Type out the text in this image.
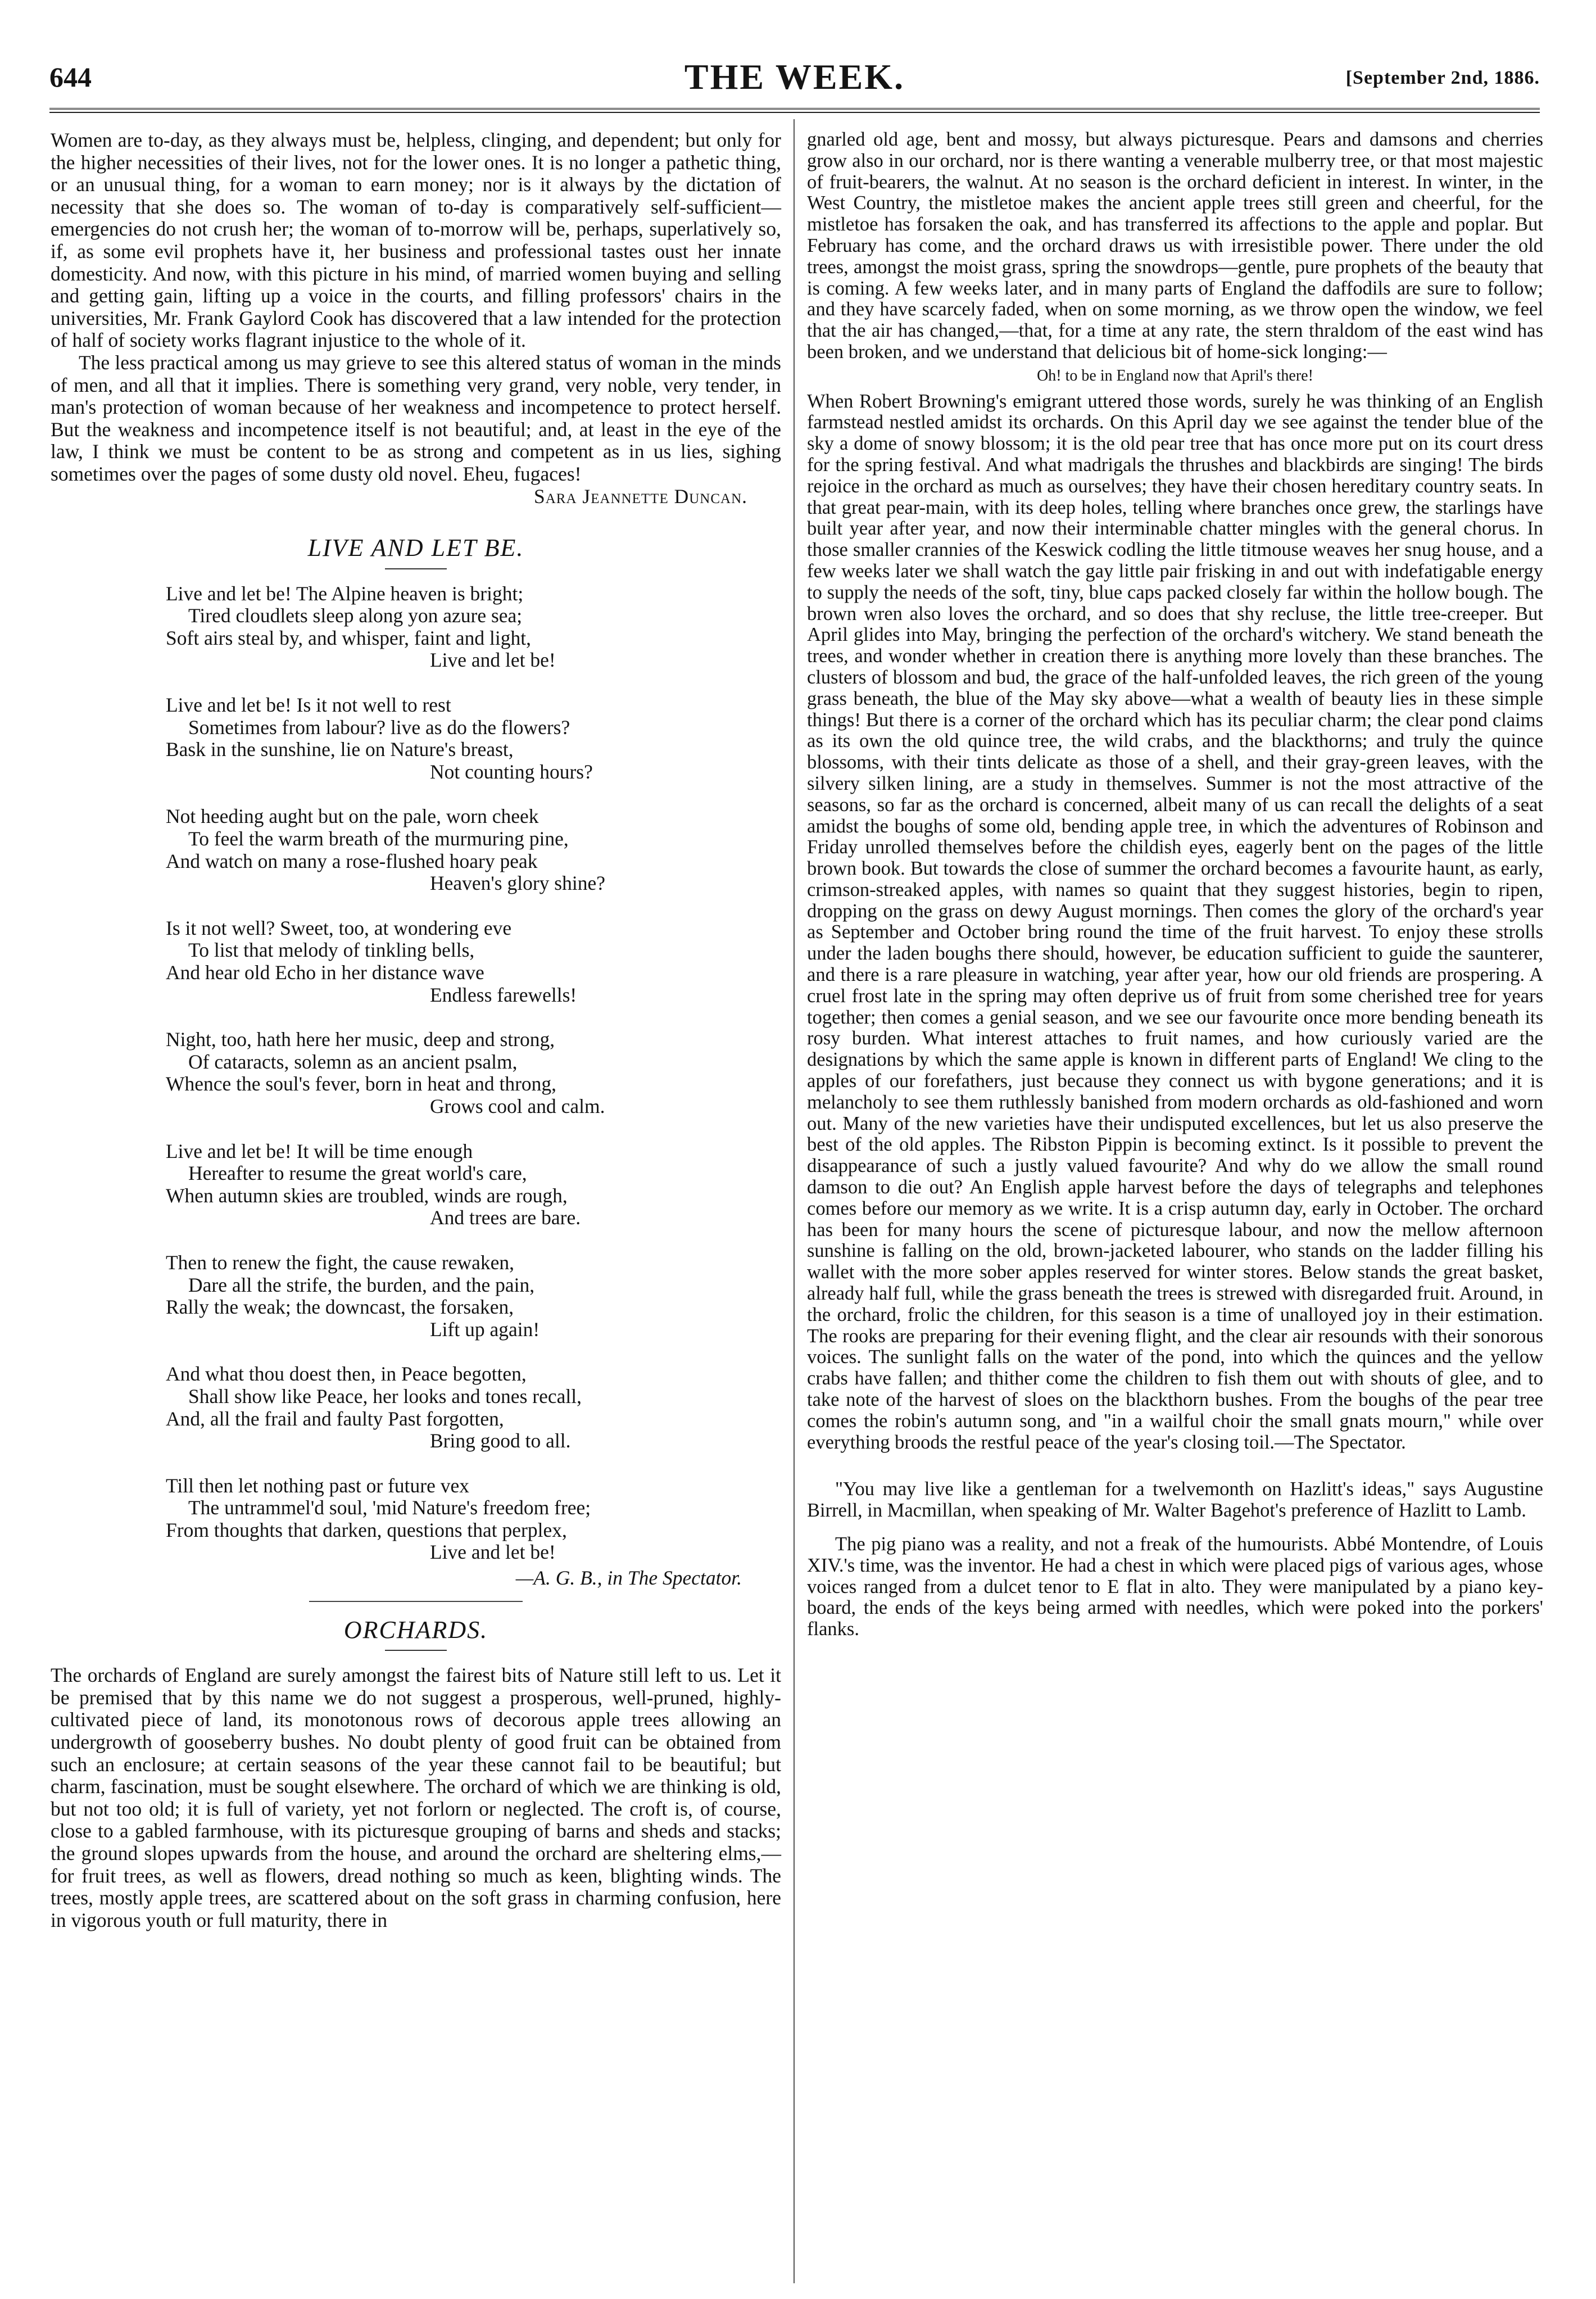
644	THE WEEK.	[September 2nd, 1886.

Women are to-day, as they always must be, helpless, clinging, and dependent; but only for the higher necessities of their lives, not for the lower ones. It is no longer a pathetic thing, or an unusual thing, for a woman to earn money; nor is it always by the dictation of necessity that she does so. The woman of to-day is comparatively self-sufficient—emergencies do not crush her; the woman of to-morrow will be, perhaps, superlatively so, if, as some evil prophets have it, her business and professional tastes oust her innate domesticity. And now, with this picture in his mind, of married women buying and selling and getting gain, lifting up a voice in the courts, and filling professors' chairs in the universities, Mr. Frank Gaylord Cook has discovered that a law intended for the protection of half of society works flagrant injustice to the whole of it.

The less practical among us may grieve to see this altered status of woman in the minds of men, and all that it implies. There is something very grand, very noble, very tender, in man's protection of woman because of her weakness and incompetence to protect herself. But the weakness and incompetence itself is not beautiful; and, at least in the eye of the law, I think we must be content to be as strong and competent as in us lies, sighing sometimes over the pages of some dusty old novel. Eheu, fugaces!

Sara Jeannette Duncan.
LIVE AND LET BE.
Live and let be! The Alpine heaven is bright;
Tired cloudlets sleep along yon azure sea;
Soft airs steal by, and whisper, faint and light,
Live and let be!
Live and let be! Is it not well to rest
Sometimes from labour? live as do the flowers?
Bask in the sunshine, lie on Nature's breast,
Not counting hours?
Not heeding aught but on the pale, worn cheek
To feel the warm breath of the murmuring pine,
And watch on many a rose-flushed hoary peak
Heaven's glory shine?
Is it not well? Sweet, too, at wondering eve
To list that melody of tinkling bells,
And hear old Echo in her distance wave
Endless farewells!
Night, too, hath here her music, deep and strong,
Of cataracts, solemn as an ancient psalm,
Whence the soul's fever, born in heat and throng,
Grows cool and calm.
Live and let be! It will be time enough
Hereafter to resume the great world's care,
When autumn skies are troubled, winds are rough,
And trees are bare.
Then to renew the fight, the cause rewaken,
Dare all the strife, the burden, and the pain,
Rally the weak; the downcast, the forsaken,
Lift up again!
And what thou doest then, in Peace begotten,
Shall show like Peace, her looks and tones recall,
And, all the frail and faulty Past forgotten,
Bring good to all.
Till then let nothing past or future vex
The untrammel'd soul, 'mid Nature's freedom free;
From thoughts that darken, questions that perplex,
Live and let be!
—A. G. B., in The Spectator.
ORCHARDS.

The orchards of England are surely amongst the fairest bits of Nature still left to us. Let it be premised that by this name we do not suggest a prosperous, well-pruned, highly-cultivated piece of land, its monotonous rows of decorous apple trees allowing an undergrowth of gooseberry bushes. No doubt plenty of good fruit can be obtained from such an enclosure; at certain seasons of the year these cannot fail to be beautiful; but charm, fascination, must be sought elsewhere. The orchard of which we are thinking is old, but not too old; it is full of variety, yet not forlorn or neglected. The croft is, of course, close to a gabled farmhouse, with its picturesque grouping of barns and sheds and stacks; the ground slopes upwards from the house, and around the orchard are sheltering elms,—for fruit trees, as well as flowers, dread nothing so much as keen, blighting winds. The trees, mostly apple trees, are scattered about on the soft grass in charming confusion, here in vigorous youth or full maturity, there in

gnarled old age, bent and mossy, but always picturesque. Pears and damsons and cherries grow also in our orchard, nor is there wanting a venerable mulberry tree, or that most majestic of fruit-bearers, the walnut. At no season is the orchard deficient in interest. In winter, in the West Country, the mistletoe makes the ancient apple trees still green and cheerful, for the mistletoe has forsaken the oak, and has transferred its affections to the apple and poplar. But February has come, and the orchard draws us with irresistible power. There under the old trees, amongst the moist grass, spring the snowdrops—gentle, pure prophets of the beauty that is coming. A few weeks later, and in many parts of England the daffodils are sure to follow; and they have scarcely faded, when on some morning, as we throw open the window, we feel that the air has changed,—that, for a time at any rate, the stern thraldom of the east wind has been broken, and we understand that delicious bit of home-sick longing:—

Oh! to be in England now that April's there!

When Robert Browning's emigrant uttered those words, surely he was thinking of an English farmstead nestled amidst its orchards. On this April day we see against the tender blue of the sky a dome of snowy blossom; it is the old pear tree that has once more put on its court dress for the spring festival. And what madrigals the thrushes and blackbirds are singing! The birds rejoice in the orchard as much as ourselves; they have their chosen hereditary country seats. In that great pear-main, with its deep holes, telling where branches once grew, the starlings have built year after year, and now their interminable chatter mingles with the general chorus. In those smaller crannies of the Keswick codling the little titmouse weaves her snug house, and a few weeks later we shall watch the gay little pair frisking in and out with indefatigable energy to supply the needs of the soft, tiny, blue caps packed closely far within the hollow bough. The brown wren also loves the orchard, and so does that shy recluse, the little tree-creeper. But April glides into May, bringing the perfection of the orchard's witchery. We stand beneath the trees, and wonder whether in creation there is anything more lovely than these branches. The clusters of blossom and bud, the grace of the half-unfolded leaves, the rich green of the young grass beneath, the blue of the May sky above—what a wealth of beauty lies in these simple things! But there is a corner of the orchard which has its peculiar charm; the clear pond claims as its own the old quince tree, the wild crabs, and the blackthorns; and truly the quince blossoms, with their tints delicate as those of a shell, and their gray-green leaves, with the silvery silken lining, are a study in themselves. Summer is not the most attractive of the seasons, so far as the orchard is concerned, albeit many of us can recall the delights of a seat amidst the boughs of some old, bending apple tree, in which the adventures of Robinson and Friday unrolled themselves before the childish eyes, eagerly bent on the pages of the little brown book. But towards the close of summer the orchard becomes a favourite haunt, as early, crimson-streaked apples, with names so quaint that they suggest histories, begin to ripen, dropping on the grass on dewy August mornings. Then comes the glory of the orchard's year as September and October bring round the time of the fruit harvest. To enjoy these strolls under the laden boughs there should, however, be education sufficient to guide the saunterer, and there is a rare pleasure in watching, year after year, how our old friends are prospering. A cruel frost late in the spring may often deprive us of fruit from some cherished tree for years together; then comes a genial season, and we see our favourite once more bending beneath its rosy burden. What interest attaches to fruit names, and how curiously varied are the designations by which the same apple is known in different parts of England! We cling to the apples of our forefathers, just because they connect us with bygone generations; and it is melancholy to see them ruthlessly banished from modern orchards as old-fashioned and worn out. Many of the new varieties have their undisputed excellences, but let us also preserve the best of the old apples. The Ribston Pippin is becoming extinct. Is it possible to prevent the disappearance of such a justly valued favourite? And why do we allow the small round damson to die out? An English apple harvest before the days of telegraphs and telephones comes before our memory as we write. It is a crisp autumn day, early in October. The orchard has been for many hours the scene of picturesque labour, and now the mellow afternoon sunshine is falling on the old, brown-jacketed labourer, who stands on the ladder filling his wallet with the more sober apples reserved for winter stores. Below stands the great basket, already half full, while the grass beneath the trees is strewed with disregarded fruit. Around, in the orchard, frolic the children, for this season is a time of unalloyed joy in their estimation. The rooks are preparing for their evening flight, and the clear air resounds with their sonorous voices. The sunlight falls on the water of the pond, into which the quinces and the yellow crabs have fallen; and thither come the children to fish them out with shouts of glee, and to take note of the harvest of sloes on the blackthorn bushes. From the boughs of the pear tree comes the robin's autumn song, and "in a wailful choir the small gnats mourn," while over everything broods the restful peace of the year's closing toil.—The Spectator.

"You may live like a gentleman for a twelvemonth on Hazlitt's ideas," says Augustine Birrell, in Macmillan, when speaking of Mr. Walter Bagehot's preference of Hazlitt to Lamb.

The pig piano was a reality, and not a freak of the humourists. Abbé Montendre, of Louis XIV.'s time, was the inventor. He had a chest in which were placed pigs of various ages, whose voices ranged from a dulcet tenor to E flat in alto. They were manipulated by a piano key-board, the ends of the keys being armed with needles, which were poked into the porkers' flanks.
